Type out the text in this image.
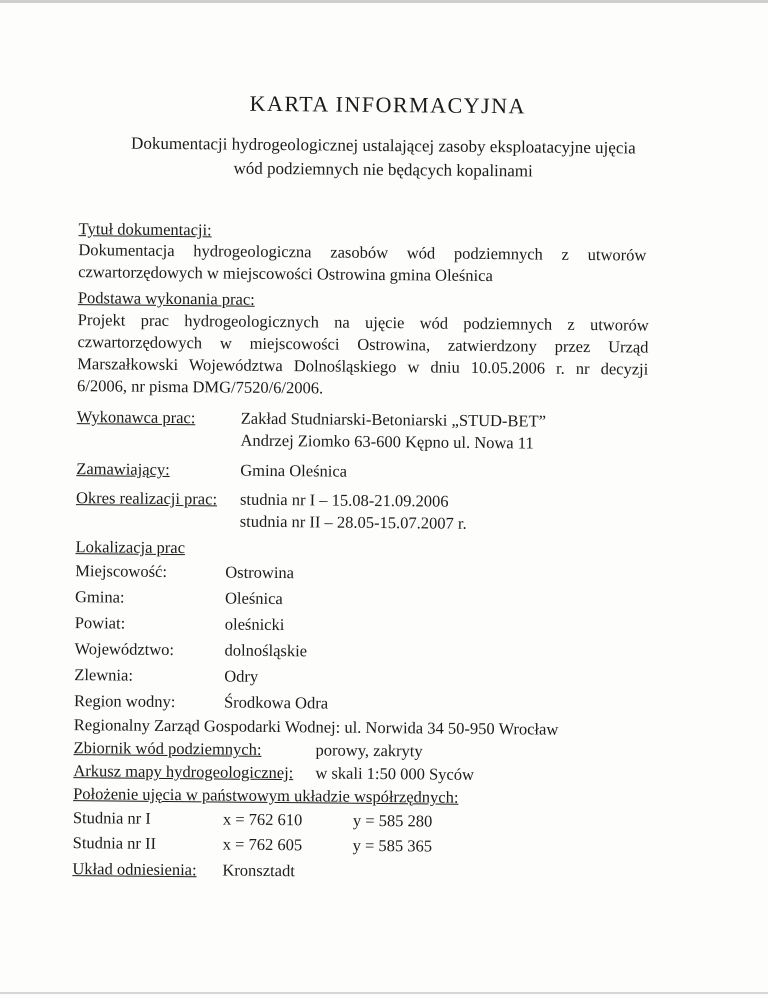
KARTA INFORMACYJNA
Dokumentacji hydrogeologicznej ustalającej zasoby eksploatacyjne ujęcia
wód podziemnych nie będących kopalinami
Tytuł dokumentacji:
Dokumentacja hydrogeologiczna zasobów wód podziemnych z utworów
czwartorzędowych w miejscowości Ostrowina gmina Oleśnica
Podstawa wykonania prac:
Projekt prac hydrogeologicznych na ujęcie wód podziemnych z utworów
czwartorzędowych w miejscowości Ostrowina, zatwierdzony przez Urząd
Marszałkowski Województwa Dolnośląskiego w dniu 10.05.2006 r. nr decyzji
6/2006, nr pisma DMG/7520/6/2006.
Wykonawca prac:	Zakład Studniarski-Betoniarski „STUD-BET”
Andrzej Ziomko 63-600 Kępno ul. Nowa 11
Zamawiający:	Gmina Oleśnica
Okres realizacji prac: studnia nr I – 15.08-21.09.2006
studnia nr II – 28.05-15.07.2007 r.
Lokalizacja prac
Miejscowość:	Ostrowina
Gmina:	Oleśnica
Powiat:	oleśnicki
Województwo:	dolnośląskie
Zlewnia:	Odry
Region wodny:	Środkowa Odra
Regionalny Zarząd Gospodarki Wodnej: ul. Norwida 34 50-950 Wrocław
Zbiornik wód podziemnych:	porowy, zakryty
Arkusz mapy hydrogeologicznej: w skali 1:50 000 Syców
Położenie ujęcia w państwowym układzie współrzędnych:
Studnia nr I	x = 762 610	y = 585 280
Studnia nr II	x = 762 605	y = 585 365
Układ odniesienia: Kronsztadt
